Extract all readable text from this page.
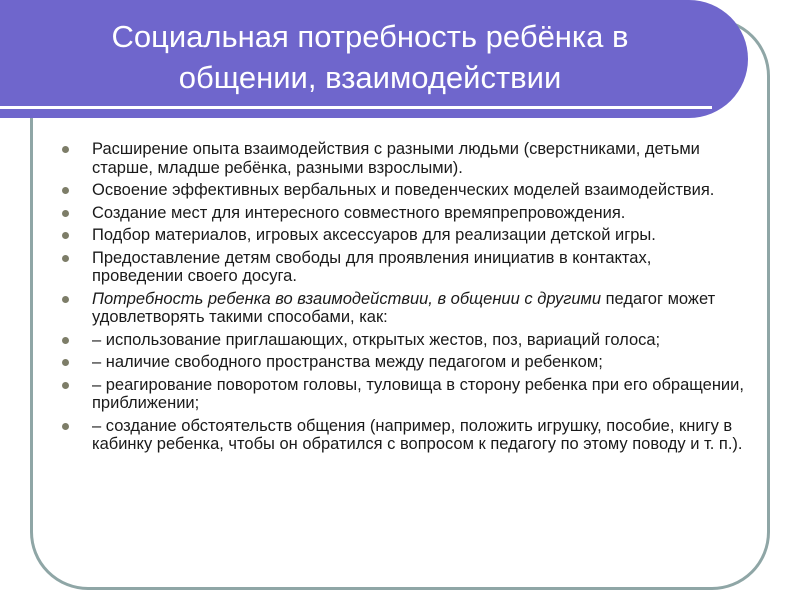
Социальная потребность ребёнка в общении, взаимодействии
Расширение опыта взаимодействия с разными людьми (сверстниками, детьми старше, младше ребёнка, разными взрослыми).
Освоение эффективных вербальных и поведенческих моделей взаимодействия.
Создание мест для интересного совместного времяпрепровождения.
Подбор материалов, игровых аксессуаров для реализации детской игры.
Предоставление детям свободы для проявления инициатив в контактах, проведении своего досуга.
Потребность ребенка во взаимодействии, в общении с другими педагог может удовлетворять такими способами, как:
– использование приглашающих, открытых жестов, поз, вариаций голоса;
– наличие свободного пространства между педагогом и ребенком;
– реагирование поворотом головы, туловища в сторону ребенка при его обращении, приближении;
– создание обстоятельств общения (например, положить игрушку, пособие, книгу в кабинку ребенка, чтобы он обратился с вопросом к педагогу по этому поводу и т. п.).
